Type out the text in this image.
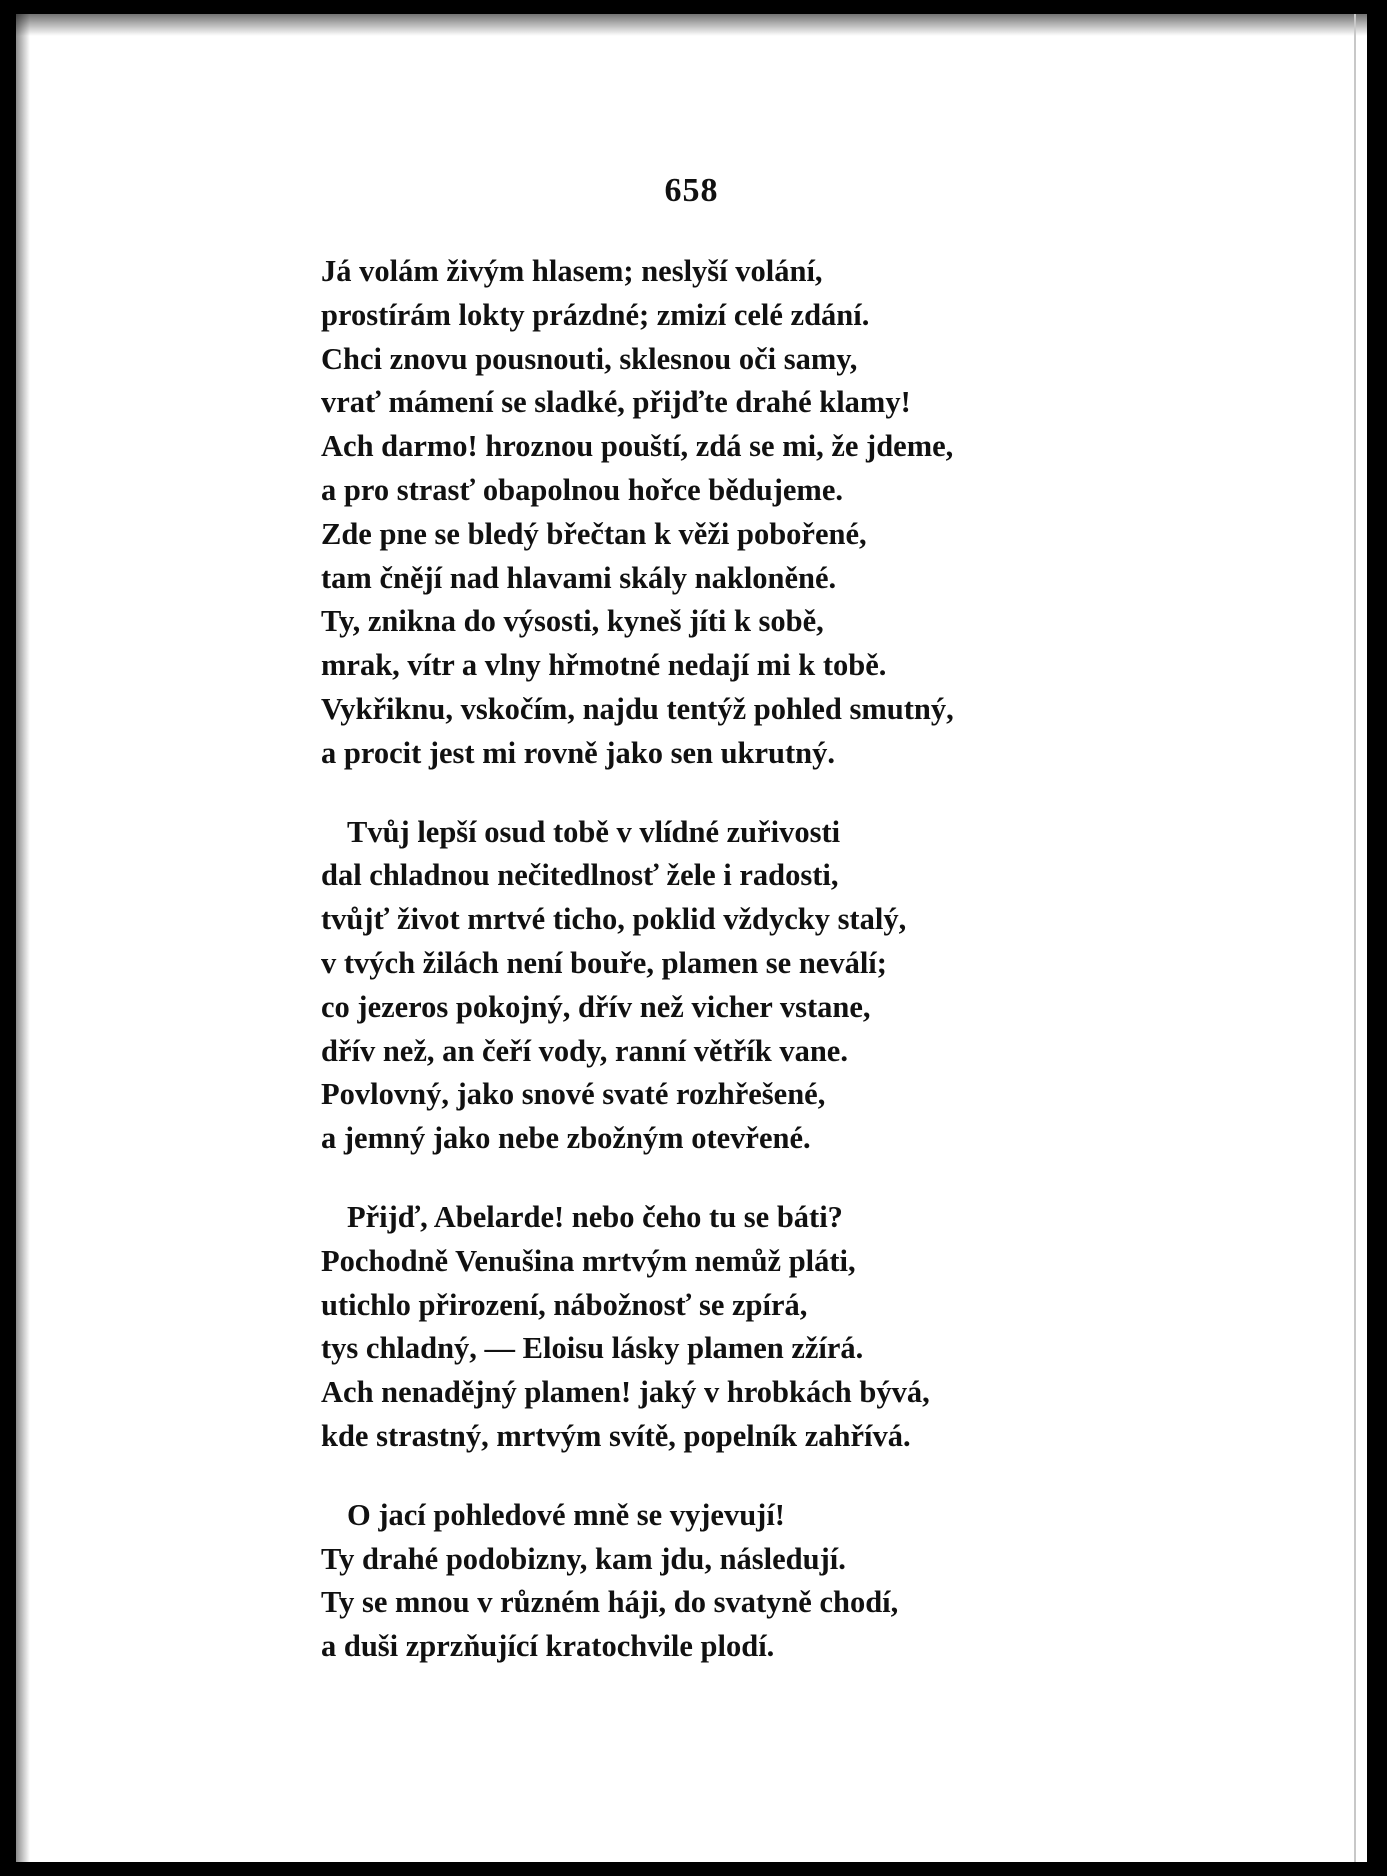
658
Já volám živým hlasem; neslyší volání,
prostírám lokty prázdné; zmizí celé zdání.
Chci znovu pousnouti, sklesnou oči samy,
vrať mámení se sladké, přijďte drahé klamy!
Ach darmo! hroznou pouští, zdá se mi, že jdeme,
a pro strasť obapolnou hořce bědujeme.
Zde pne se bledý břečtan k věži pobořené,
tam čnějí nad hlavami skály nakloněné.
Ty, znikna do výsosti, kyneš jíti k sobě,
mrak, vítr a vlny hřmotné nedají mi k tobě.
Vykřiknu, vskočím, najdu tentýž pohled smutný,
a procit jest mi rovně jako sen ukrutný.
Tvůj lepší osud tobě v vlídné zuřivosti
dal chladnou nečitedlnosť žele i radosti,
tvůjť život mrtvé ticho, poklid vždycky stalý,
v tvých žilách není bouře, plamen se neválí;
co jezeros pokojný, dřív než vicher vstane,
dřív než, an čeří vody, ranní větřík vane.
Povlovný, jako snové svaté rozhřešené,
a jemný jako nebe zbožným otevřené.
Přijď, Abelarde! nebo čeho tu se báti?
Pochodně Venušina mrtvým nemůž pláti,
utichlo přirození, nábožnosť se zpírá,
tys chladný, — Eloisu lásky plamen zžírá.
Ach nenadějný plamen! jaký v hrobkách bývá,
kde strastný, mrtvým svítě, popelník zahřívá.
O jací pohledové mně se vyjevují!
Ty drahé podobizny, kam jdu, následují.
Ty se mnou v různém háji, do svatyně chodí,
a duši zprzňující kratochvile plodí.
